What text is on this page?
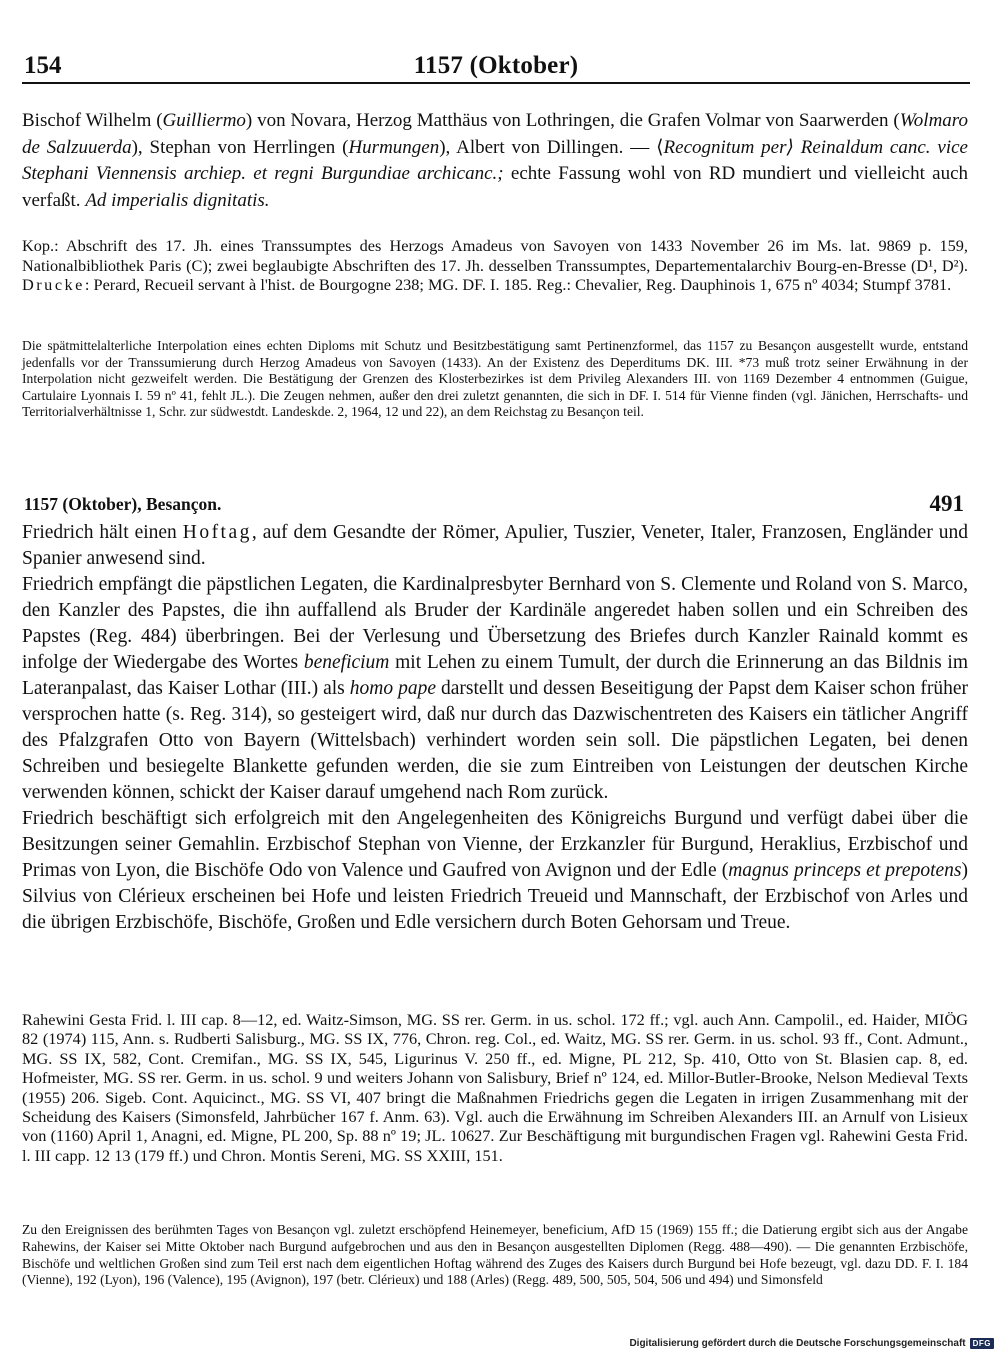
154	1157 (Oktober)
Bischof Wilhelm (Guilliermo) von Novara, Herzog Matthäus von Lothringen, die Grafen Volmar von Saarwerden (Wolmaro de Salzuuerda), Stephan von Herrlingen (Hurmungen), Albert von Dillingen. — ⟨Recognitum per⟩ Reinaldum canc. vice Stephani Viennensis archiep. et regni Burgundiae archicanc.; echte Fassung wohl von RD mundiert und vielleicht auch verfaßt. Ad imperialis dignitatis.
Kop.: Abschrift des 17. Jh. eines Transsumptes des Herzogs Amadeus von Savoyen von 1433 November 26 im Ms. lat. 9869 p. 159, Nationalbibliothek Paris (C); zwei beglaubigte Abschriften des 17. Jh. desselben Transsumptes, Departementalarchiv Bourg-en-Bresse (D¹, D²). Drucke: Perard, Recueil servant à l'hist. de Bourgogne 238; MG. DF. I. 185. Reg.: Chevalier, Reg. Dauphinois 1, 675 nº 4034; Stumpf 3781.
Die spätmittelalterliche Interpolation eines echten Diploms mit Schutz und Besitzbestätigung samt Pertinenzformel, das 1157 zu Besançon ausgestellt wurde, entstand jedenfalls vor der Transsumierung durch Herzog Amadeus von Savoyen (1433). An der Existenz des Deperditums DK. III. *73 muß trotz seiner Erwähnung in der Interpolation nicht gezweifelt werden. Die Bestätigung der Grenzen des Klosterbezirkes ist dem Privileg Alexanders III. von 1169 Dezember 4 entnommen (Guigue, Cartulaire Lyonnais I. 59 nº 41, fehlt JL.). Die Zeugen nehmen, außer den drei zuletzt genannten, die sich in DF. I. 514 für Vienne finden (vgl. Jänichen, Herrschafts- und Territorialverhältnisse 1, Schr. zur südwestdt. Landeskde. 2, 1964, 12 und 22), an dem Reichstag zu Besançon teil.
1157 (Oktober), Besançon.	491

Friedrich hält einen Hoftag, auf dem Gesandte der Römer, Apulier, Tuszier, Veneter, Italer, Franzosen, Engländer und Spanier anwesend sind.

Friedrich empfängt die päpstlichen Legaten, die Kardinalpresbyter Bernhard von S. Clemente und Roland von S. Marco, den Kanzler des Papstes, die ihn auffallend als Bruder der Kardinäle angeredet haben sollen und ein Schreiben des Papstes (Reg. 484) überbringen. Bei der Verlesung und Übersetzung des Briefes durch Kanzler Rainald kommt es infolge der Wiedergabe des Wortes beneficium mit Lehen zu einem Tumult, der durch die Erinnerung an das Bildnis im Lateranpalast, das Kaiser Lothar (III.) als homo pape darstellt und dessen Beseitigung der Papst dem Kaiser schon früher versprochen hatte (s. Reg. 314), so gesteigert wird, daß nur durch das Dazwischentreten des Kaisers ein tätlicher Angriff des Pfalzgrafen Otto von Bayern (Wittelsbach) verhindert worden sein soll. Die päpstlichen Legaten, bei denen Schreiben und besiegelte Blankette gefunden werden, die sie zum Eintreiben von Leistungen der deutschen Kirche verwenden können, schickt der Kaiser darauf umgehend nach Rom zurück.

Friedrich beschäftigt sich erfolgreich mit den Angelegenheiten des Königreichs Burgund und verfügt dabei über die Besitzungen seiner Gemahlin. Erzbischof Stephan von Vienne, der Erzkanzler für Burgund, Heraklius, Erzbischof und Primas von Lyon, die Bischöfe Odo von Valence und Gaufred von Avignon und der Edle (magnus princeps et prepotens) Silvius von Clérieux erscheinen bei Hofe und leisten Friedrich Treueid und Mannschaft, der Erzbischof von Arles und die übrigen Erzbischöfe, Bischöfe, Großen und Edle versichern durch Boten Gehorsam und Treue.

Rahewini Gesta Frid. l. III cap. 8—12, ed. Waitz-Simson, MG. SS rer. Germ. in us. schol. 172 ff.; vgl. auch Ann. Campolil., ed. Haider, MIÖG 82 (1974) 115, Ann. s. Rudberti Salisburg., MG. SS IX, 776, Chron. reg. Col., ed. Waitz, MG. SS rer. Germ. in us. schol. 93 ff., Cont. Admunt., MG. SS IX, 582, Cont. Cremifan., MG. SS IX, 545, Ligurinus V. 250 ff., ed. Migne, PL 212, Sp. 410, Otto von St. Blasien cap. 8, ed. Hofmeister, MG. SS rer. Germ. in us. schol. 9 und weiters Johann von Salisbury, Brief nº 124, ed. Millor-Butler-Brooke, Nelson Medieval Texts (1955) 206. Sigeb. Cont. Aquicinct., MG. SS VI, 407 bringt die Maßnahmen Friedrichs gegen die Legaten in irrigen Zusammenhang mit der Scheidung des Kaisers (Simonsfeld, Jahrbücher 167 f. Anm. 63). Vgl. auch die Erwähnung im Schreiben Alexanders III. an Arnulf von Lisieux von (1160) April 1, Anagni, ed. Migne, PL 200, Sp. 88 nº 19; JL. 10627. Zur Beschäftigung mit burgundischen Fragen vgl. Rahewini Gesta Frid. l. III capp. 12 13 (179 ff.) und Chron. Montis Sereni, MG. SS XXIII, 151.
Zu den Ereignissen des berühmten Tages von Besançon vgl. zuletzt erschöpfend Heinemeyer, beneficium, AfD 15 (1969) 155 ff.; die Datierung ergibt sich aus der Angabe Rahewins, der Kaiser sei Mitte Oktober nach Burgund aufgebrochen und aus den in Besançon ausgestellten Diplomen (Regg. 488—490). — Die genannten Erzbischöfe, Bischöfe und weltlichen Großen sind zum Teil erst nach dem eigentlichen Hoftag während des Zuges des Kaisers durch Burgund bei Hofe bezeugt, vgl. dazu DD. F. I. 184 (Vienne), 192 (Lyon), 196 (Valence), 195 (Avignon), 197 (betr. Clérieux) und 188 (Arles) (Regg. 489, 500, 505, 504, 506 und 494) und Simonsfeld
Digitalisierung gefördert durch die Deutsche Forschungsgemeinschaft DFG
